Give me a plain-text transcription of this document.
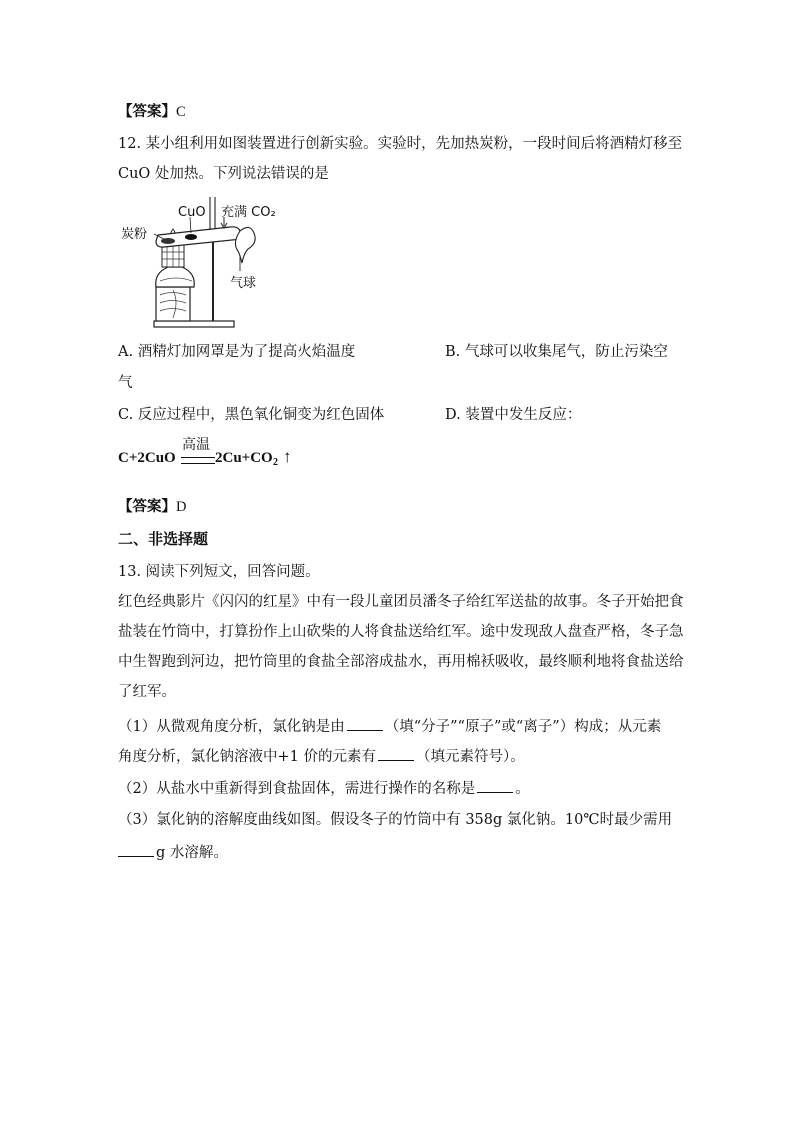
【答案】C
12. 某小组利用如图装置进行创新实验。实验时，先加热炭粉，一段时间后将酒精灯移至
CuO 处加热。下列说法错误的是
CuO 充满 CO₂
炭粉
气球
A. 酒精灯加网罩是为了提高火焰温度	B. 气球可以收集尾气，防止污染空
气
C. 反应过程中，黑色氧化铜变为红色固体	D. 装置中发生反应：
高温
C+2CuO	2Cu+CO 2 ↑
【答案】D
二、非选择题
13. 阅读下列短文，回答问题。
红色经典影片《闪闪的红星》中有一段儿童团员潘冬子给红军送盐的故事。冬子开始把食
盐装在竹筒中，打算扮作上山砍柴的人将食盐送给红军。途中发现敌人盘查严格，冬子急
中生智跑到河边，把竹筒里的食盐全部溶成盐水，再用棉袄吸收，最终顺利地将食盐送给
了红军。
（1）从微观角度分析，氯化钠是由	（填“分子”“原子”或“离子”）构成；从元素
角度分析，氯化钠溶液中+1 价的元素有	（填元素符号）。
（2）从盐水中重新得到食盐固体，需进行操作的名称是	。
（3）氯化钠的溶解度曲线如图。假设冬子的竹筒中有 358g 氯化钠。10℃时最少需用
g 水溶解。
